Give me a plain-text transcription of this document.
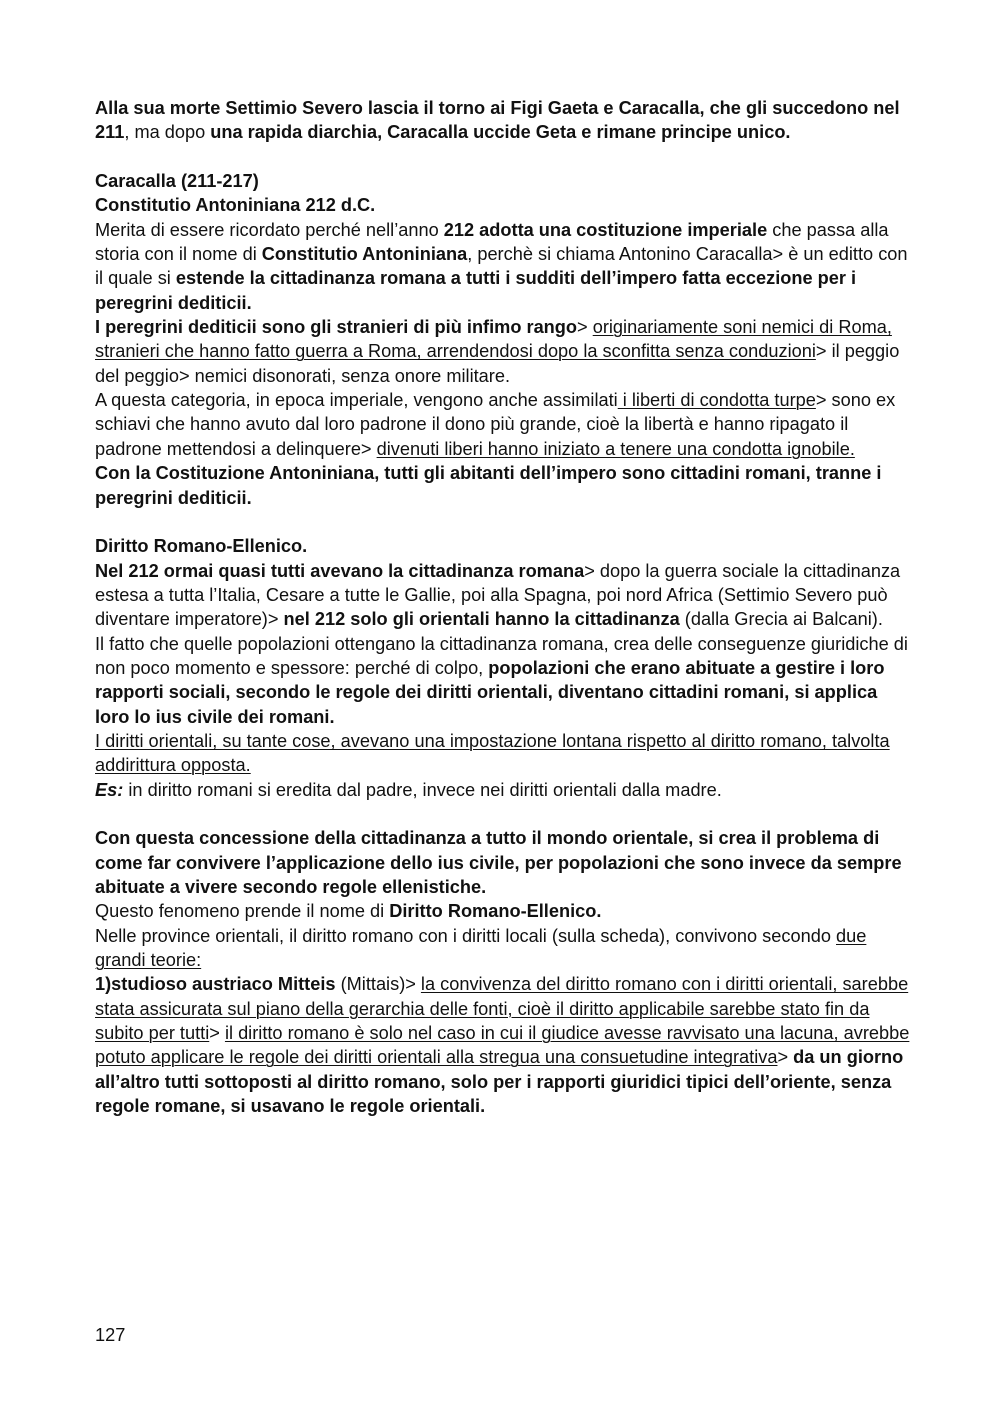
Alla sua morte Settimio Severo lascia il torno ai Figi Gaeta e Caracalla, che gli succedono nel 211, ma dopo una rapida diarchia, Caracalla uccide Geta e rimane principe unico.

Caracalla (211-217)

Constitutio Antoniniana 212 d.C.

Merita di essere ricordato perché nell’anno 212 adotta una costituzione imperiale che passa alla storia con il nome di Constitutio Antoniniana, perchè si chiama Antonino Caracalla> è un editto con il quale si estende la cittadinanza romana a tutti i sudditi dell’impero fatta eccezione per i peregrini dediticii.

I peregrini dediticii sono gli stranieri di più infimo rango> originariamente soni nemici di Roma, stranieri che hanno fatto guerra a Roma, arrendendosi dopo la sconfitta senza conduzioni> il peggio del peggio> nemici disonorati, senza onore militare.

A questa categoria, in epoca imperiale, vengono anche assimilati i liberti di condotta turpe> sono ex schiavi che hanno avuto dal loro padrone il dono più grande, cioè la libertà e hanno ripagato il padrone mettendosi a delinquere> divenuti liberi hanno iniziato a tenere una condotta ignobile.

Con la Costituzione Antoniniana, tutti gli abitanti dell’impero sono cittadini romani, tranne i peregrini dediticii.

Diritto Romano-Ellenico.

Nel 212 ormai quasi tutti avevano la cittadinanza romana> dopo la guerra sociale la cittadinanza estesa a tutta l’Italia, Cesare a tutte le Gallie, poi alla Spagna, poi nord Africa (Settimio Severo può diventare imperatore)> nel 212 solo gli orientali hanno la cittadinanza (dalla Grecia ai Balcani).

Il fatto che quelle popolazioni ottengano la cittadinanza romana, crea delle conseguenze giuridiche di non poco momento e spessore: perché di colpo, popolazioni che erano abituate a gestire i loro rapporti sociali, secondo le regole dei diritti orientali, diventano cittadini romani, si applica loro lo ius civile dei romani.

I diritti orientali, su tante cose, avevano una impostazione lontana rispetto al diritto romano, talvolta addirittura opposta.

Es: in diritto romani si eredita dal padre, invece nei diritti orientali dalla madre.

Con questa concessione della cittadinanza a tutto il mondo orientale, si crea il problema di come far convivere l’applicazione dello ius civile, per popolazioni che sono invece da sempre abituate a vivere secondo regole ellenistiche.

Questo fenomeno prende il nome di Diritto Romano-Ellenico.

Nelle province orientali, il diritto romano con i diritti locali (sulla scheda), convivono secondo due grandi teorie:

1)studioso austriaco Mitteis (Mittais)> la convivenza del diritto romano con i diritti orientali, sarebbe stata assicurata sul piano della gerarchia delle fonti, cioè il diritto applicabile sarebbe stato fin da subito per tutti> il diritto romano è solo nel caso in cui il giudice avesse ravvisato una lacuna, avrebbe potuto applicare le regole dei diritti orientali alla stregua una consuetudine integrativa> da un giorno all’altro tutti sottoposti al diritto romano, solo per i rapporti giuridici tipici dell’oriente, senza regole romane, si usavano le regole orientali.

127
